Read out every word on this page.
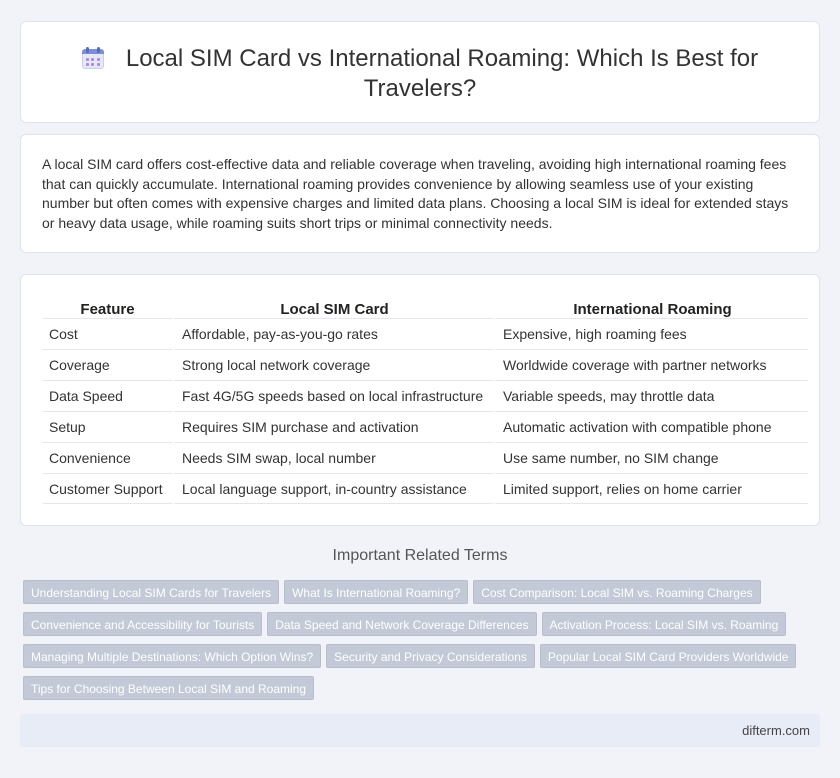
Local SIM Card vs International Roaming: Which Is Best for Travelers?

A local SIM card offers cost-effective data and reliable coverage when traveling, avoiding high international roaming fees that can quickly accumulate. International roaming provides convenience by allowing seamless use of your existing number but often comes with expensive charges and limited data plans. Choosing a local SIM is ideal for extended stays or heavy data usage, while roaming suits short trips or minimal connectivity needs.

Feature	Local SIM Card	International Roaming
Cost	Affordable, pay-as-you-go rates	Expensive, high roaming fees
Coverage	Strong local network coverage	Worldwide coverage with partner networks
Data Speed	Fast 4G/5G speeds based on local infrastructure	Variable speeds, may throttle data
Setup	Requires SIM purchase and activation	Automatic activation with compatible phone
Convenience	Needs SIM swap, local number	Use same number, no SIM change
Customer Support	Local language support, in-country assistance	Limited support, relies on home carrier
Important Related Terms
Understanding Local SIM Cards for Travelers What Is International Roaming? Cost Comparison: Local SIM vs. Roaming Charges
Convenience and Accessibility for Tourists Data Speed and Network Coverage Differences Activation Process: Local SIM vs. Roaming
Managing Multiple Destinations: Which Option Wins? Security and Privacy Considerations Popular Local SIM Card Providers Worldwide
Tips for Choosing Between Local SIM and Roaming
difterm.com
